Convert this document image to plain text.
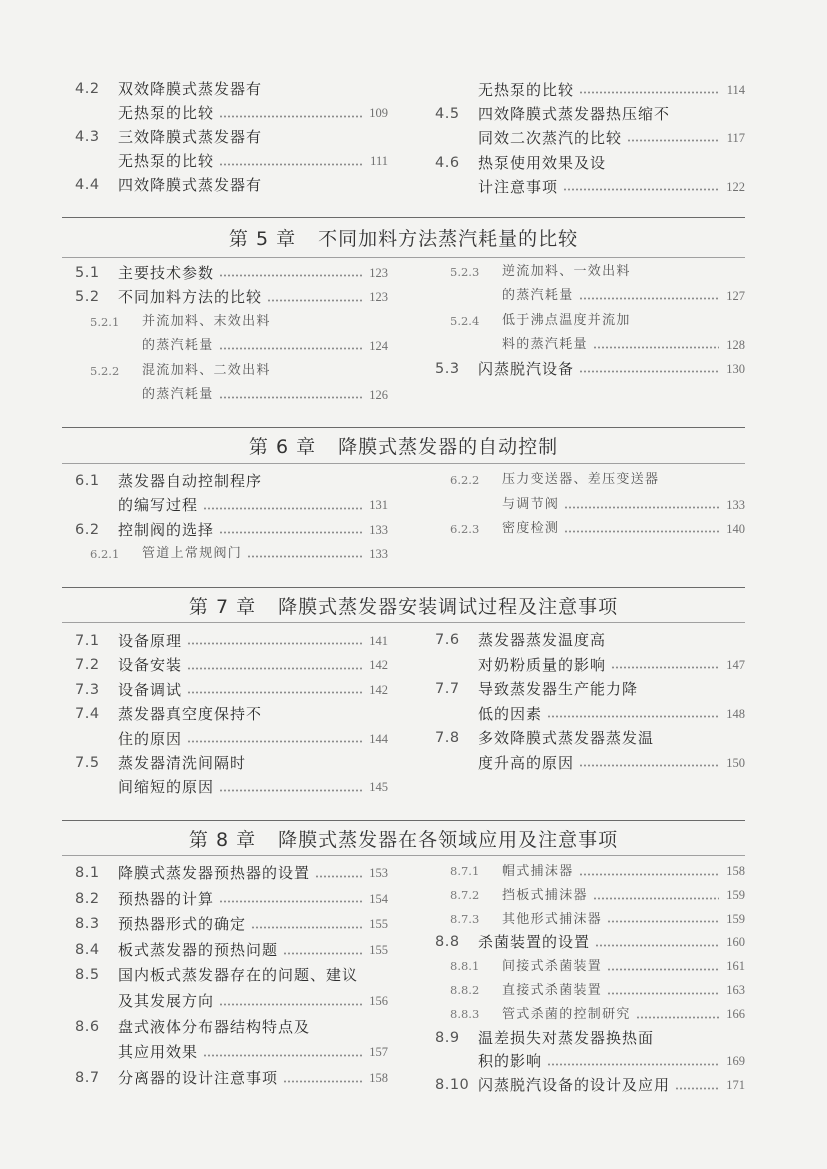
4.2	双效降膜式蒸发器有
无热泵的比较	109
4.3	三效降膜式蒸发器有
无热泵的比较	111
4.4	四效降膜式蒸发器有
无热泵的比较	114
4.5	四效降膜式蒸发器热压缩不
同效二次蒸汽的比较	117
4.6	热泵使用效果及设
计注意事项	122
第 5 章 不同加料方法蒸汽耗量的比较
5.1	主要技术参数	123
5.2	不同加料方法的比较	123
5.2.1	并流加料、末效出料
的蒸汽耗量	124
5.2.2	混流加料、二效出料
的蒸汽耗量	126
5.2.3	逆流加料、一效出料
的蒸汽耗量	127
5.2.4	低于沸点温度并流加
料的蒸汽耗量	128
5.3	闪蒸脱汽设备	130
第 6 章 降膜式蒸发器的自动控制
6.1	蒸发器自动控制程序
的编写过程	131
6.2	控制阀的选择	133
6.2.1	管道上常规阀门	133
6.2.2	压力变送器、差压变送器
与调节阀	133
6.2.3	密度检测	140
第 7 章 降膜式蒸发器安装调试过程及注意事项
7.1	设备原理	141
7.2	设备安装	142
7.3	设备调试	142
7.4	蒸发器真空度保持不
住的原因	144
7.5	蒸发器清洗间隔时
间缩短的原因	145
7.6	蒸发器蒸发温度高
对奶粉质量的影响	147
7.7	导致蒸发器生产能力降
低的因素	148
7.8	多效降膜式蒸发器蒸发温
度升高的原因	150
第 8 章 降膜式蒸发器在各领域应用及注意事项
8.1	降膜式蒸发器预热器的设置	153
8.2	预热器的计算	154
8.3	预热器形式的确定	155
8.4	板式蒸发器的预热问题	155
8.5	国内板式蒸发器存在的问题、建议
及其发展方向	156
8.6	盘式液体分布器结构特点及
其应用效果	157
8.7	分离器的设计注意事项	158
8.7.1	帽式捕沫器	158
8.7.2	挡板式捕沫器	159
8.7.3	其他形式捕沫器	159
8.8	杀菌装置的设置	160
8.8.1	间接式杀菌装置	161
8.8.2	直接式杀菌装置	163
8.8.3	管式杀菌的控制研究	166
8.9	温差损失对蒸发器换热面
积的影响	169
8.10 闪蒸脱汽设备的设计及应用	171
